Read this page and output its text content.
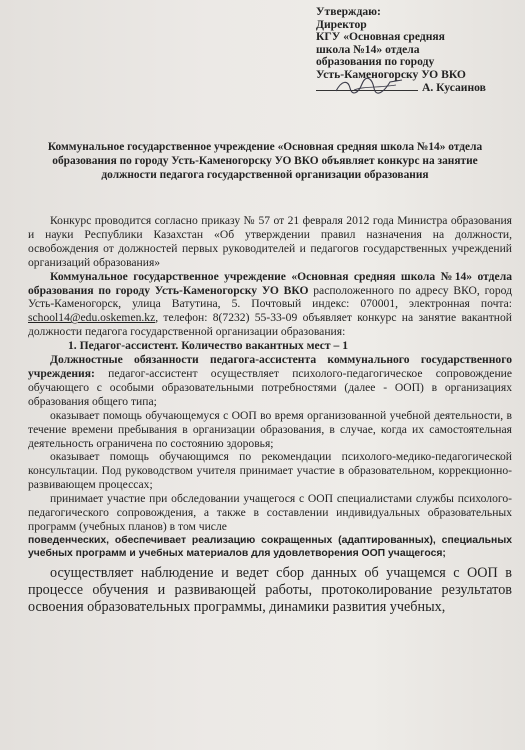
Утверждаю:
Директор
КГУ «Основная средняя
школа №14» отдела
образования по городу
Усть-Каменогорску УО ВКО
А. Кусаинов
Коммунальное государственное учреждение «Основная средняя школа №14» отдела образования по городу Усть-Каменогорску УО ВКО объявляет конкурс на занятие должности педагога государственной организации образования

Конкурс проводится согласно приказу № 57 от 21 февраля 2012 года Министра образования и науки Республики Казахстан «Об утверждении правил назначения на должности, освобождения от должностей первых руководителей и педагогов государственных учреждений организаций образования»

Коммунальное государственное учреждение «Основная средняя школа №14» отдела образования по городу Усть-Каменогорску УО ВКО расположенного по адресу ВКО, город Усть-Каменогорск, улица Ватутина, 5. Почтовый индекс: 070001, электронная почта: school14@edu.oskemen.kz, телефон: 8(7232) 55-33-09 объявляет конкурс на занятие вакантной должности педагога государственной организации образования:

1. Педагог-ассистент. Количество вакантных мест – 1

Должностные обязанности педагога-ассистента коммунального государственного учреждения: педагог-ассистент осуществляет психолого-педагогическое сопровождение обучающего с особыми образовательными потребностями (далее - ООП) в организациях образования общего типа;

оказывает помощь обучающемуся с ООП во время организованной учебной деятельности, в течение времени пребывания в организации образования, в случае, когда их самостоятельная деятельность ограничена по состоянию здоровья;

оказывает помощь обучающимся по рекомендации психолого-медико-педагогической консультации. Под руководством учителя принимает участие в образовательном, коррекционно-развивающем процессах;

принимает участие при обследовании учащегося с ООП специалистами службы психолого-педагогического сопровождения, а также в составлении индивидуальных образовательных программ (учебных планов) в том числе

поведенческих, обеспечивает реализацию сокращенных (адаптированных), специальных учебных программ и учебных материалов для удовлетворения ООП учащегося;

осуществляет наблюдение и ведет сбор данных об учащемся с ООП в процессе обучения и развивающей работы, протоколирование результатов освоения образовательных программы, динамики развития учебных,
